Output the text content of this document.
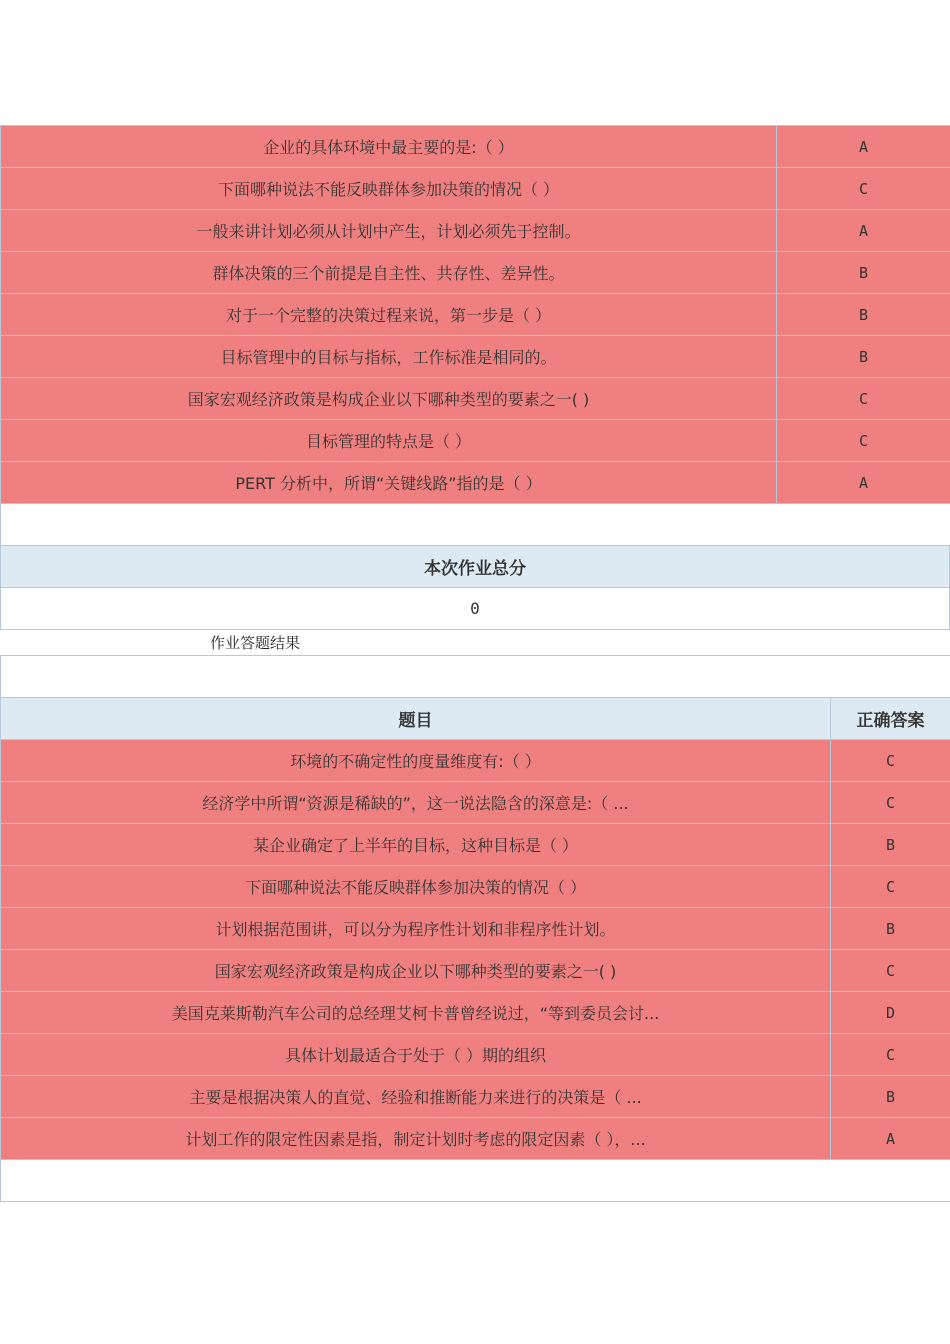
企业的具体环境中最主要的是:（ ）	A
下面哪种说法不能反映群体参加决策的情况（ ）	C
一般来讲计划必须从计划中产生，计划必须先于控制。	A
群体决策的三个前提是自主性、共存性、差异性。	B
对于一个完整的决策过程来说，第一步是（ ）	B
目标管理中的目标与指标，工作标准是相同的。	B
国家宏观经济政策是构成企业以下哪种类型的要素之一( )	C
目标管理的特点是（ ）	C
PERT 分析中，所谓“关键线路”指的是（ ）	A

本次作业总分
0
作业答题结果

题目	正确答案
环境的不确定性的度量维度有:（ ）	C
经济学中所谓“资源是稀缺的”，这一说法隐含的深意是:（ ...	C
某企业确定了上半年的目标，这种目标是（ ）	B
下面哪种说法不能反映群体参加决策的情况（ ）	C
计划根据范围讲，可以分为程序性计划和非程序性计划。	B
国家宏观经济政策是构成企业以下哪种类型的要素之一( )	C
美国克莱斯勒汽车公司的总经理艾柯卡普曾经说过，“等到委员会讨...	D
具体计划最适合于处于（ ）期的组织	C
主要是根据决策人的直觉、经验和推断能力来进行的决策是（ ...	B
计划工作的限定性因素是指，制定计划时考虑的限定因素（ ），...	A
